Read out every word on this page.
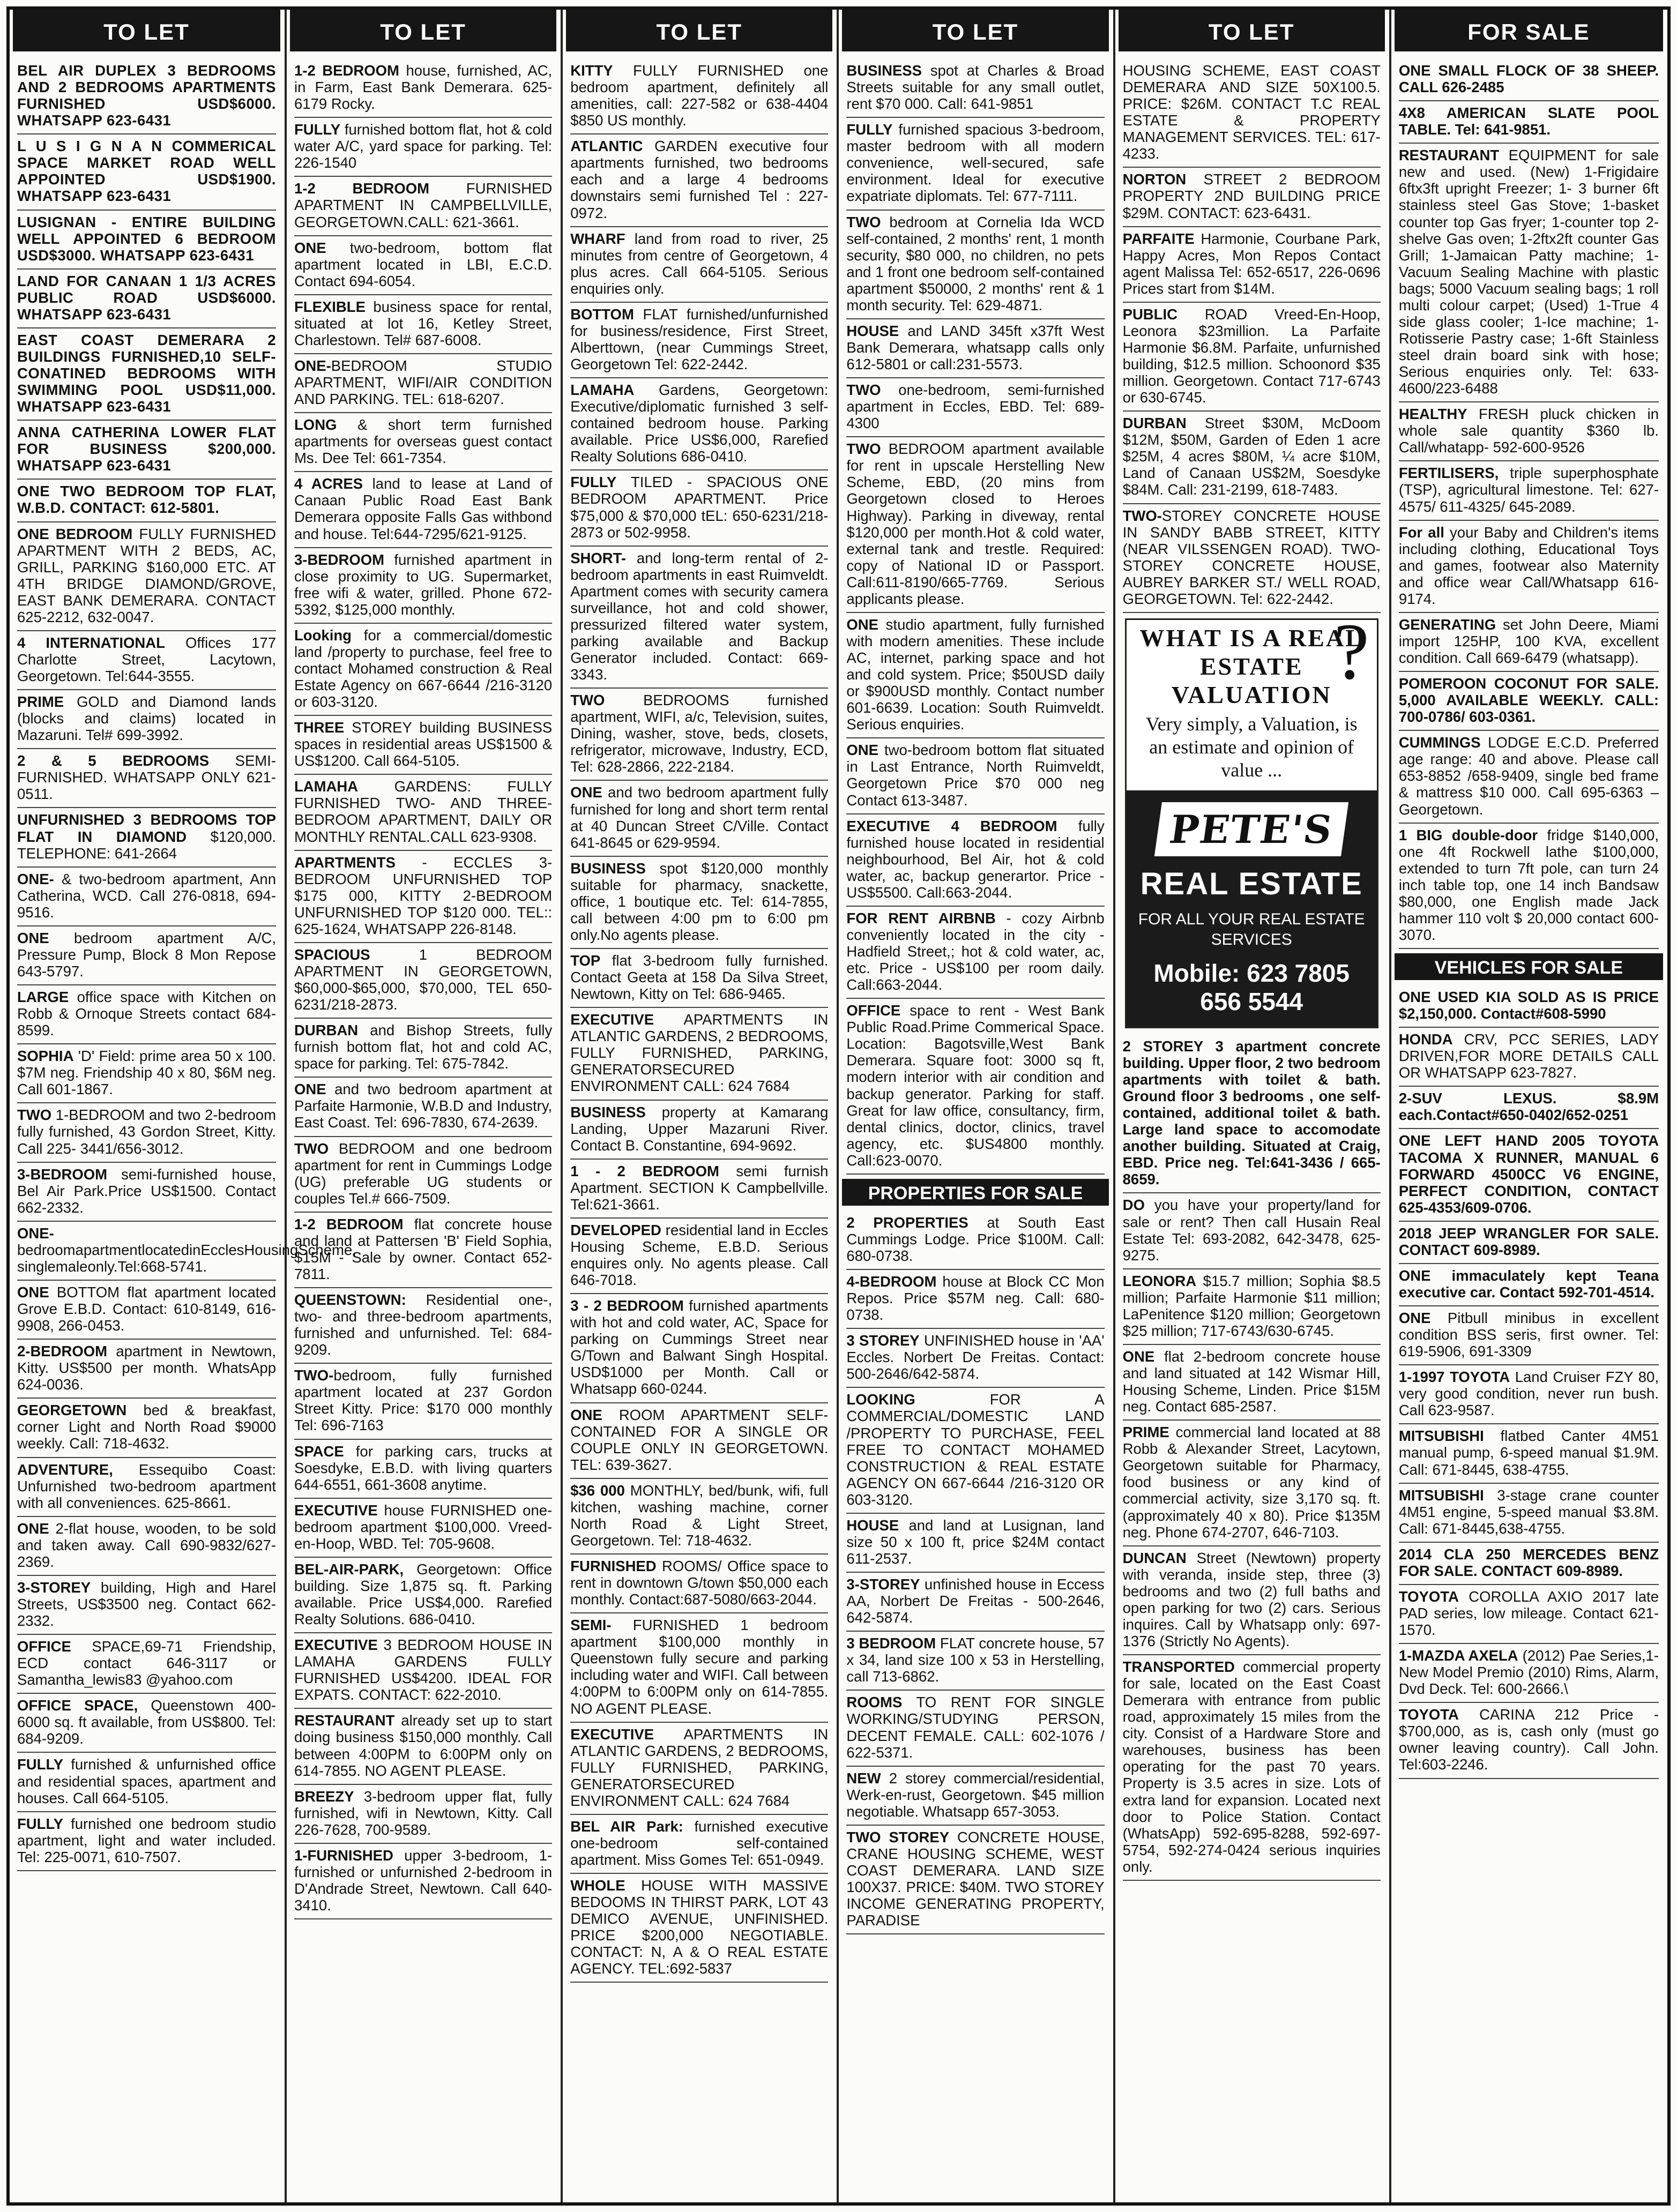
TO LET
BEL AIR DUPLEX 3 BEDROOMS AND 2 BEDROOMS APARTMENTS FURNISHED USD$6000. WHATSAPP 623-6431
L U S I G N A N COMMERICAL SPACE MARKET ROAD WELL APPOINTED USD$1900. WHATSAPP 623-6431
LUSIGNAN - ENTIRE BUILDING WELL APPOINTED 6 BEDROOM USD$3000. WHATSAPP 623-6431
LAND FOR CANAAN 1 1/3 ACRES PUBLIC ROAD USD$6000. WHATSAPP 623-6431
EAST COAST DEMERARA 2 BUILDINGS FURNISHED,10 SELF-CONATINED BEDROOMS WITH SWIMMING POOL USD$11,000. WHATSAPP 623-6431
ANNA CATHERINA LOWER FLAT FOR BUSINESS $200,000. WHATSAPP 623-6431
ONE TWO BEDROOM TOP FLAT, W.B.D. CONTACT: 612-5801.
ONE BEDROOM FULLY FURNISHED APARTMENT WITH 2 BEDS, AC, GRILL, PARKING $160,000 ETC. AT 4TH BRIDGE DIAMOND/GROVE, EAST BANK DEMERARA. CONTACT 625-2212, 632-0047.
4 INTERNATIONAL Offices 177 Charlotte Street, Lacytown, Georgetown. Tel:644-3555.
PRIME GOLD and Diamond lands (blocks and claims) located in Mazaruni. Tel# 699-3992.
2 & 5 BEDROOMS SEMI-FURNISHED. WHATSAPP ONLY 621-0511.
UNFURNISHED 3 BEDROOMS TOP FLAT IN DIAMOND $120,000. TELEPHONE: 641-2664
ONE- & two-bedroom apartment, Ann Catherina, WCD. Call 276-0818, 694-9516.
ONE bedroom apartment A/C, Pressure Pump, Block 8 Mon Repose 643-5797.
LARGE office space with Kitchen on Robb & Ornoque Streets contact 684-8599.
SOPHIA 'D' Field: prime area 50 x 100. $7M neg. Friendship 40 x 80, $6M neg. Call 601-1867.
TWO 1-BEDROOM and two 2-bedroom fully furnished, 43 Gordon Street, Kitty. Call 225- 3441/656-3012.
3-BEDROOM semi-furnished house, Bel Air Park.Price US$1500. Contact 662-2332.
ONE-bedroomapartmentlocatedinEcclesHousingScheme, singlemaleonly.Tel:668-5741.
ONE BOTTOM flat apartment located Grove E.B.D. Contact: 610-8149, 616-9908, 266-0453.
2-BEDROOM apartment in Newtown, Kitty. US$500 per month. WhatsApp 624-0036.
GEORGETOWN bed & breakfast, corner Light and North Road $9000 weekly. Call: 718-4632.
ADVENTURE, Essequibo Coast: Unfurnished two-bedroom apartment with all conveniences. 625-8661.
ONE 2-flat house, wooden, to be sold and taken away. Call 690-9832/627-2369.
3-STOREY building, High and Harel Streets, US$3500 neg. Contact 662-2332.
OFFICE SPACE,69-71 Friendship, ECD contact 646-3117 or Samantha_lewis83 @yahoo.com
OFFICE SPACE, Queenstown 400-6000 sq. ft available, from US$800. Tel: 684-9209.
FULLY furnished & unfurnished office and residential spaces, apartment and houses. Call 664-5105.
FULLY furnished one bedroom studio apartment, light and water included. Tel: 225-0071, 610-7507.
TO LET
1-2 BEDROOM house, furnished, AC, in Farm, East Bank Demerara. 625-6179 Rocky.
FULLY furnished bottom flat, hot & cold water A/C, yard space for parking. Tel: 226-1540
1-2 BEDROOM FURNISHED APARTMENT IN CAMPBELLVILLE, GEORGETOWN.CALL: 621-3661.
ONE two-bedroom, bottom flat apartment located in LBI, E.C.D. Contact 694-6054.
FLEXIBLE business space for rental, situated at lot 16, Ketley Street, Charlestown. Tel# 687-6008.
ONE-BEDROOM STUDIO APARTMENT, WIFI/AIR CONDITION AND PARKING. TEL: 618-6207.
LONG & short term furnished apartments for overseas guest contact Ms. Dee Tel: 661-7354.
4 ACRES land to lease at Land of Canaan Public Road East Bank Demerara opposite Falls Gas withbond and house. Tel:644-7295/621-9125.
3-BEDROOM furnished apartment in close proximity to UG. Supermarket, free wifi & water, grilled. Phone 672-5392, $125,000 monthly.
Looking for a commercial/domestic land /property to purchase, feel free to contact Mohamed construction & Real Estate Agency on 667-6644 /216-3120 or 603-3120.
THREE STOREY building BUSINESS spaces in residential areas US$1500 & US$1200. Call 664-5105.
LAMAHA GARDENS: FULLY FURNISHED TWO- AND THREE-BEDROOM APARTMENT, DAILY OR MONTHLY RENTAL.CALL 623-9308.
APARTMENTS - ECCLES 3-BEDROOM UNFURNISHED TOP $175 000, KITTY 2-BEDROOM UNFURNISHED TOP $120 000. TEL:: 625-1624, WHATSAPP 226-8148.
SPACIOUS 1 BEDROOM APARTMENT IN GEORGETOWN, $60,000-$65,000, $70,000, TEL 650-6231/218-2873.
DURBAN and Bishop Streets, fully furnish bottom flat, hot and cold AC, space for parking. Tel: 675-7842.
ONE and two bedroom apartment at Parfaite Harmonie, W.B.D and Industry, East Coast. Tel: 696-7830, 674-2639.
TWO BEDROOM and one bedroom apartment for rent in Cummings Lodge (UG) preferable UG students or couples Tel.# 666-7509.
1-2 BEDROOM flat concrete house and land at Pattersen 'B' Field Sophia, $15M - Sale by owner. Contact 652-7811.
QUEENSTOWN: Residential one-, two- and three-bedroom apartments, furnished and unfurnished. Tel: 684-9209.
TWO-bedroom, fully furnished apartment located at 237 Gordon Street Kitty. Price: $170 000 monthly Tel: 696-7163
SPACE for parking cars, trucks at Soesdyke, E.B.D. with living quarters 644-6551, 661-3608 anytime.
EXECUTIVE house FURNISHED one-bedroom apartment $100,000. Vreed-en-Hoop, WBD. Tel: 705-9608.
BEL-AIR-PARK, Georgetown: Office building. Size 1,875 sq. ft. Parking available. Price US$4,000. Rarefied Realty Solutions. 686-0410.
EXECUTIVE 3 BEDROOM HOUSE IN LAMAHA GARDENS FULLY FURNISHED US$4200. IDEAL FOR EXPATS. CONTACT: 622-2010.
RESTAURANT already set up to start doing business $150,000 monthly. Call between 4:00PM to 6:00PM only on 614-7855. NO AGENT PLEASE.
BREEZY 3-bedroom upper flat, fully furnished, wifi in Newtown, Kitty. Call 226-7628, 700-9589.
1-FURNISHED upper 3-bedroom, 1-furnished or unfurnished 2-bedroom in D'Andrade Street, Newtown. Call 640-3410.
TO LET
KITTY FULLY FURNISHED one bedroom apartment, definitely all amenities, call: 227-582 or 638-4404 $850 US monthly.
ATLANTIC GARDEN executive four apartments furnished, two bedrooms each and a large 4 bedrooms downstairs semi furnished Tel : 227-0972.
WHARF land from road to river, 25 minutes from centre of Georgetown, 4 plus acres. Call 664-5105. Serious enquiries only.
BOTTOM FLAT furnished/unfurnished for business/residence, First Street, Alberttown, (near Cummings Street, Georgetown Tel: 622-2442.
LAMAHA Gardens, Georgetown: Executive/diplomatic furnished 3 self-contained bedroom house. Parking available. Price US$6,000, Rarefied Realty Solutions 686-0410.
FULLY TILED - SPACIOUS ONE BEDROOM APARTMENT. Price $75,000 & $70,000 tEL: 650-6231/218-2873 or 502-9958.
SHORT- and long-term rental of 2-bedroom apartments in east Ruimveldt. Apartment comes with security camera surveillance, hot and cold shower, pressurized filtered water system, parking available and Backup Generator included. Contact: 669-3343.
TWO BEDROOMS furnished apartment, WIFI, a/c, Television, suites, Dining, washer, stove, beds, closets, refrigerator, microwave, Industry, ECD, Tel: 628-2866, 222-2184.
ONE and two bedroom apartment fully furnished for long and short term rental at 40 Duncan Street C/Ville. Contact 641-8645 or 629-9594.
BUSINESS spot $120,000 monthly suitable for pharmacy, snackette, office, 1 boutique etc. Tel: 614-7855, call between 4:00 pm to 6:00 pm only.No agents please.
TOP flat 3-bedroom fully furnished. Contact Geeta at 158 Da Silva Street, Newtown, Kitty on Tel: 686-9465.
EXECUTIVE APARTMENTS IN ATLANTIC GARDENS, 2 BEDROOMS, FULLY FURNISHED, PARKING, GENERATORSECURED ENVIRONMENT CALL: 624 7684
BUSINESS property at Kamarang Landing, Upper Mazaruni River. Contact B. Constantine, 694-9692.
1 - 2 BEDROOM semi furnish Apartment. SECTION K Campbellville. Tel:621-3661.
DEVELOPED residential land in Eccles Housing Scheme, E.B.D. Serious enquires only. No agents please. Call 646-7018.
3 - 2 BEDROOM furnished apartments with hot and cold water, AC, Space for parking on Cummings Street near G/Town and Balwant Singh Hospital. USD$1000 per Month. Call or Whatsapp 660-0244.
ONE ROOM APARTMENT SELF-CONTAINED FOR A SINGLE OR COUPLE ONLY IN GEORGETOWN. TEL: 639-3627.
$36 000 MONTHLY, bed/bunk, wifi, full kitchen, washing machine, corner North Road & Light Street, Georgetown. Tel: 718-4632.
FURNISHED ROOMS/ Office space to rent in downtown G/town $50,000 each monthly. Contact:687-5080/663-2044.
SEMI- FURNISHED 1 bedroom apartment $100,000 monthly in Queenstown fully secure and parking including water and WIFI. Call between 4:00PM to 6:00PM only on 614-7855. NO AGENT PLEASE.
EXECUTIVE APARTMENTS IN ATLANTIC GARDENS, 2 BEDROOMS, FULLY FURNISHED, PARKING, GENERATORSECURED ENVIRONMENT CALL: 624 7684
BEL AIR Park: furnished executive one-bedroom self-contained apartment. Miss Gomes Tel: 651-0949.
WHOLE HOUSE WITH MASSIVE BEDOOMS IN THIRST PARK, LOT 43 DEMICO AVENUE, UNFINISHED. PRICE $200,000 NEGOTIABLE. CONTACT: N, A & O REAL ESTATE AGENCY. TEL:692-5837
TO LET
BUSINESS spot at Charles & Broad Streets suitable for any small outlet, rent $70 000. Call: 641-9851
FULLY furnished spacious 3-bedroom, master bedroom with all modern convenience, well-secured, safe environment. Ideal for executive expatriate diplomats. Tel: 677-7111.
TWO bedroom at Cornelia Ida WCD self-contained, 2 months' rent, 1 month security, $80 000, no children, no pets and 1 front one bedroom self-contained apartment $50000, 2 months' rent & 1 month security. Tel: 629-4871.
HOUSE and LAND 345ft x37ft West Bank Demerara, whatsapp calls only 612-5801 or call:231-5573.
TWO one-bedroom, semi-furnished apartment in Eccles, EBD. Tel: 689-4300
TWO BEDROOM apartment available for rent in upscale Herstelling New Scheme, EBD, (20 mins from Georgetown closed to Heroes Highway). Parking in diveway, rental $120,000 per month.Hot & cold water, external tank and trestle. Required: copy of National ID or Passport. Call:611-8190/665-7769. Serious applicants please.
ONE studio apartment, fully furnished with modern amenities. These include AC, internet, parking space and hot and cold system. Price; $50USD daily or $900USD monthly. Contact number 601-6639. Location: South Ruimveldt. Serious enquiries.
ONE two-bedroom bottom flat situated in Last Entrance, North Ruimveldt, Georgetown Price $70 000 neg Contact 613-3487.
EXECUTIVE 4 BEDROOM fully furnished house located in residential neighbourhood, Bel Air, hot & cold water, ac, backup generartor. Price - US$5500. Call:663-2044.
FOR RENT AIRBNB - cozy Airbnb conveniently located in the city - Hadfield Street,; hot & cold water, ac, etc. Price - US$100 per room daily. Call:663-2044.
OFFICE space to rent - West Bank Public Road.Prime Commerical Space. Location: Bagotsville,West Bank Demerara. Square foot: 3000 sq ft, modern interior with air condition and backup generator. Parking for staff. Great for law office, consultancy, firm, dental clinics, doctor, clinics, travel agency, etc. $US4800 monthly. Call:623-0070.
PROPERTIES FOR SALE
2 PROPERTIES at South East Cummings Lodge. Price $100M. Call: 680-0738.
4-BEDROOM house at Block CC Mon Repos. Price $57M neg. Call: 680-0738.
3 STOREY UNFINISHED house in 'AA' Eccles. Norbert De Freitas. Contact: 500-2646/642-5874.
LOOKING FOR A COMMERCIAL/DOMESTIC LAND /PROPERTY TO PURCHASE, FEEL FREE TO CONTACT MOHAMED CONSTRUCTION & REAL ESTATE AGENCY ON 667-6644 /216-3120 OR 603-3120.
HOUSE and land at Lusignan, land size 50 x 100 ft, price $24M contact 611-2537.
3-STOREY unfinished house in Eccess AA, Norbert De Freitas - 500-2646, 642-5874.
3 BEDROOM FLAT concrete house, 57 x 34, land size 100 x 53 in Herstelling, call 713-6862.
ROOMS TO RENT FOR SINGLE WORKING/STUDYING PERSON, DECENT FEMALE. CALL: 602-1076 / 622-5371.
NEW 2 storey commercial/residential, Werk-en-rust, Georgetown. $45 million negotiable. Whatsapp 657-3053.
TWO STOREY CONCRETE HOUSE, CRANE HOUSING SCHEME, WEST COAST DEMERARA. LAND SIZE 100X37. PRICE: $40M. TWO STOREY INCOME GENERATING PROPERTY, PARADISE
TO LET
HOUSING SCHEME, EAST COAST DEMERARA AND SIZE 50X100.5. PRICE: $26M. CONTACT T.C REAL ESTATE & PROPERTY MANAGEMENT SERVICES. TEL: 617-4233.
NORTON STREET 2 BEDROOM PROPERTY 2ND BUILDING PRICE $29M. CONTACT: 623-6431.
PARFAITE Harmonie, Courbane Park, Happy Acres, Mon Repos Contact agent Malissa Tel: 652-6517, 226-0696 Prices start from $14M.
PUBLIC ROAD Vreed-En-Hoop, Leonora $23million. La Parfaite Harmonie $6.8M. Parfaite, unfurnished building, $12.5 million. Schoonord $35 million. Georgetown. Contact 717-6743 or 630-6745.
DURBAN Street $30M, McDoom $12M, $50M, Garden of Eden 1 acre $25M, 4 acres $80M, ¼ acre $10M, Land of Canaan US$2M, Soesdyke $84M. Call: 231-2199, 618-7483.
TWO-STOREY CONCRETE HOUSE IN SANDY BABB STREET, KITTY (NEAR VILSSENGEN ROAD). TWO-STOREY CONCRETE HOUSE, AUBREY BARKER ST./ WELL ROAD, GEORGETOWN. Tel: 622-2442.
WHAT IS A REAL ESTATE VALUATION ?
Very simply, a Valuation, is an estimate and opinion of value ...
PETE'S
REAL ESTATE
FOR ALL YOUR REAL ESTATE SERVICES
Mobile: 623 7805 656 5544
2 STOREY 3 apartment concrete building. Upper floor, 2 two bedroom apartments with toilet & bath. Ground floor 3 bedrooms , one self-contained, additional toilet & bath. Large land space to accomodate another building. Situated at Craig, EBD. Price neg. Tel:641-3436 / 665-8659.
DO you have your property/land for sale or rent? Then call Husain Real Estate Tel: 693-2082, 642-3478, 625-9275.
LEONORA $15.7 million; Sophia $8.5 million; Parfaite Harmonie $11 million; LaPenitence $120 million; Georgetown $25 million; 717-6743/630-6745.
ONE flat 2-bedroom concrete house and land situated at 142 Wismar Hill, Housing Scheme, Linden. Price $15M neg. Contact 685-2587.
PRIME commercial land located at 88 Robb & Alexander Street, Lacytown, Georgetown suitable for Pharmacy, food business or any kind of commercial activity, size 3,170 sq. ft. (approximately 40 x 80). Price $135M neg. Phone 674-2707, 646-7103.
DUNCAN Street (Newtown) property with veranda, inside step, three (3) bedrooms and two (2) full baths and open parking for two (2) cars. Serious inquires. Call by Whatsapp only: 697-1376 (Strictly No Agents).
TRANSPORTED commercial property for sale, located on the East Coast Demerara with entrance from public road, approximately 15 miles from the city. Consist of a Hardware Store and warehouses, business has been operating for the past 70 years. Property is 3.5 acres in size. Lots of extra land for expansion. Located next door to Police Station. Contact (WhatsApp) 592-695-8288, 592-697-5754, 592-274-0424 serious inquiries only.
FOR SALE
ONE SMALL FLOCK OF 38 SHEEP. CALL 626-2485
4X8 AMERICAN SLATE POOL TABLE. Tel: 641-9851.
RESTAURANT EQUIPMENT for sale new and used. (New) 1-Frigidaire 6ftx3ft upright Freezer; 1- 3 burner 6ft stainless steel Gas Stove; 1-basket counter top Gas fryer; 1-counter top 2-shelve Gas oven; 1-2ftx2ft counter Gas Grill; 1-Jamaican Patty machine; 1-Vacuum Sealing Machine with plastic bags; 5000 Vacuum sealing bags; 1 roll multi colour carpet; (Used) 1-True 4 side glass cooler; 1-Ice machine; 1-Rotisserie Pastry case; 1-6ft Stainless steel drain board sink with hose; Serious enquiries only. Tel: 633-4600/223-6488
HEALTHY FRESH pluck chicken in whole sale quantity $360 lb. Call/whatapp- 592-600-9526
FERTILISERS, triple superphosphate (TSP), agricultural limestone. Tel: 627-4575/ 611-4325/ 645-2089.
For all your Baby and Children's items including clothing, Educational Toys and games, footwear also Maternity and office wear Call/Whatsapp 616-9174.
GENERATING set John Deere, Miami import 125HP, 100 KVA, excellent condition. Call 669-6479 (whatsapp).
POMEROON COCONUT FOR SALE. 5,000 AVAILABLE WEEKLY. CALL: 700-0786/ 603-0361.
CUMMINGS LODGE E.C.D. Preferred age range: 40 and above. Please call 653-8852 /658-9409, single bed frame & mattress $10 000. Call 695-6363 – Georgetown.
1 BIG double-door fridge $140,000, one 4ft Rockwell lathe $100,000, extended to turn 7ft pole, can turn 24 inch table top, one 14 inch Bandsaw $80,000, one English made Jack hammer 110 volt $ 20,000 contact 600-3070.
VEHICLES FOR SALE
ONE USED KIA SOLD AS IS PRICE $2,150,000. Contact#608-5990
HONDA CRV, PCC SERIES, LADY DRIVEN,FOR MORE DETAILS CALL OR WHATSAPP 623-7827.
2-SUV LEXUS. $8.9M each.Contact#650-0402/652-0251
ONE LEFT HAND 2005 TOYOTA TACOMA X RUNNER, MANUAL 6 FORWARD 4500CC V6 ENGINE, PERFECT CONDITION, CONTACT 625-4353/609-0706.
2018 JEEP WRANGLER FOR SALE. CONTACT 609-8989.
ONE immaculately kept Teana executive car. Contact 592-701-4514.
ONE Pitbull minibus in excellent condition BSS seris, first owner. Tel: 619-5906, 691-3309
1-1997 TOYOTA Land Cruiser FZY 80, very good condition, never run bush. Call 623-9587.
MITSUBISHI flatbed Canter 4M51 manual pump, 6-speed manual $1.9M. Call: 671-8445, 638-4755.
MITSUBISHI 3-stage crane counter 4M51 engine, 5-speed manual $3.8M. Call: 671-8445,638-4755.
2014 CLA 250 MERCEDES BENZ FOR SALE. CONTACT 609-8989.
TOYOTA COROLLA AXIO 2017 late PAD series, low mileage. Contact 621-1570.
1-MAZDA AXELA (2012) Pae Series,1- New Model Premio (2010) Rims, Alarm, Dvd Deck. Tel: 600-2666.\
TOYOTA CARINA 212 Price - $700,000, as is, cash only (must go owner leaving country). Call John. Tel:603-2246.
